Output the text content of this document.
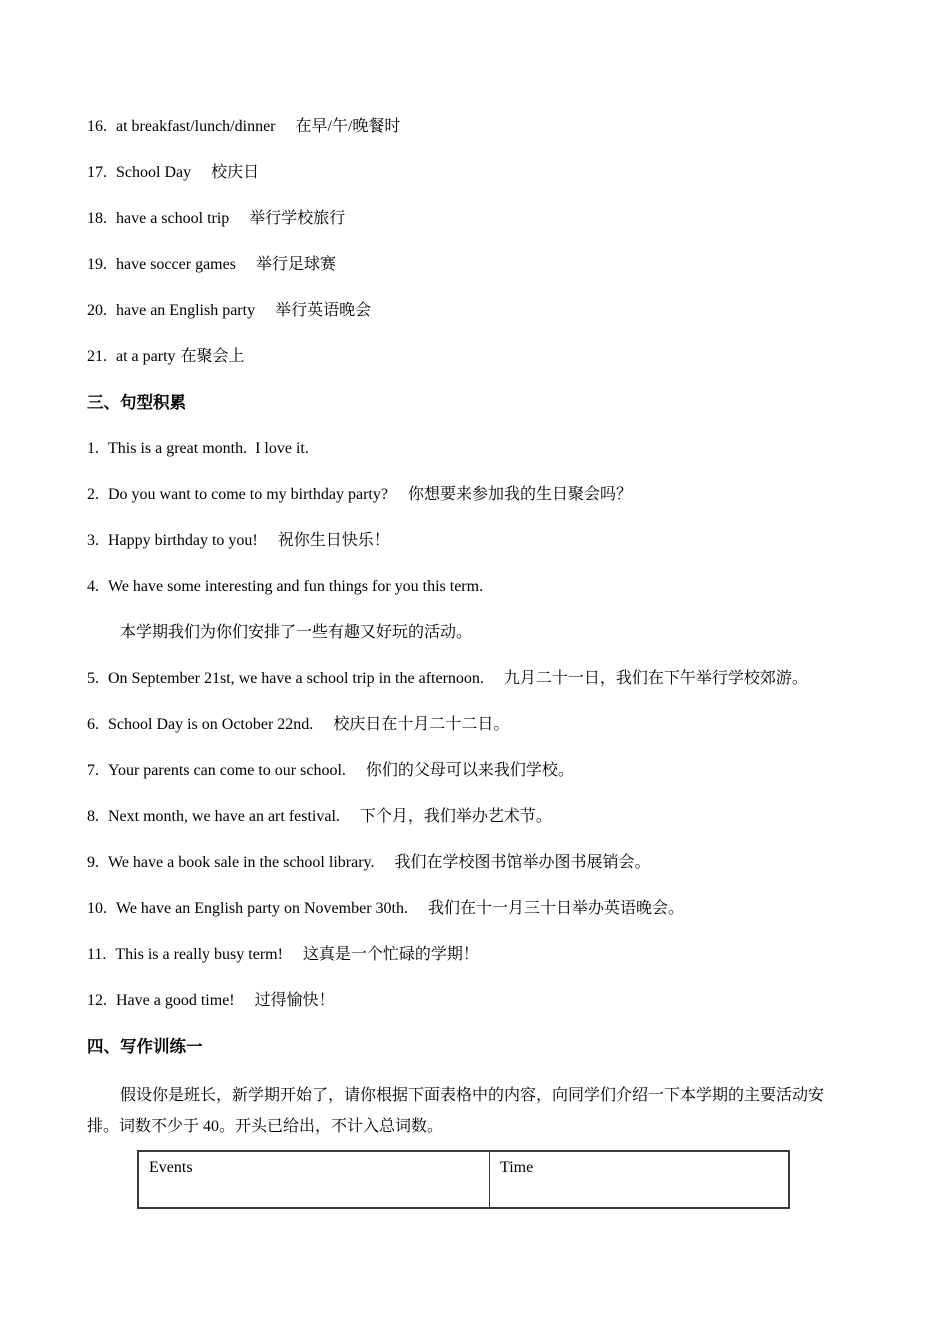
16. at breakfast/lunch/dinner 在早/午/晚餐时

17. School Day 校庆日

18. have a school trip 举行学校旅行

19. have soccer games 举行足球赛

20. have an English party 举行英语晚会

21. at a party 在聚会上

三、句型积累

1. This is a great month.  I love it.

2. Do you want to come to my birthday party? 你想要来参加我的生日聚会吗？

3. Happy birthday to you! 祝你生日快乐！

4. We have some interesting and fun things for you this term.

本学期我们为你们安排了一些有趣又好玩的活动。

5. On September 21st, we have a school trip in the afternoon. 九月二十一日，我们在下午举行学校郊游。

6. School Day is on October 22nd. 校庆日在十月二十二日。

7. Your parents can come to our school. 你们的父母可以来我们学校。

8. Next month, we have an art festival. 下个月，我们举办艺术节。

9. We have a book sale in the school library. 我们在学校图书馆举办图书展销会。

10. We have an English party on November 30th. 我们在十一月三十日举办英语晚会。

11. This is a really busy term! 这真是一个忙碌的学期！

12. Have a good time! 过得愉快！

四、写作训练一

假设你是班长，新学期开始了，请你根据下面表格中的内容，向同学们介绍一下本学期的主要活动安

排。词数不少于 40。开头已给出，不计入总词数。

Events	Time
